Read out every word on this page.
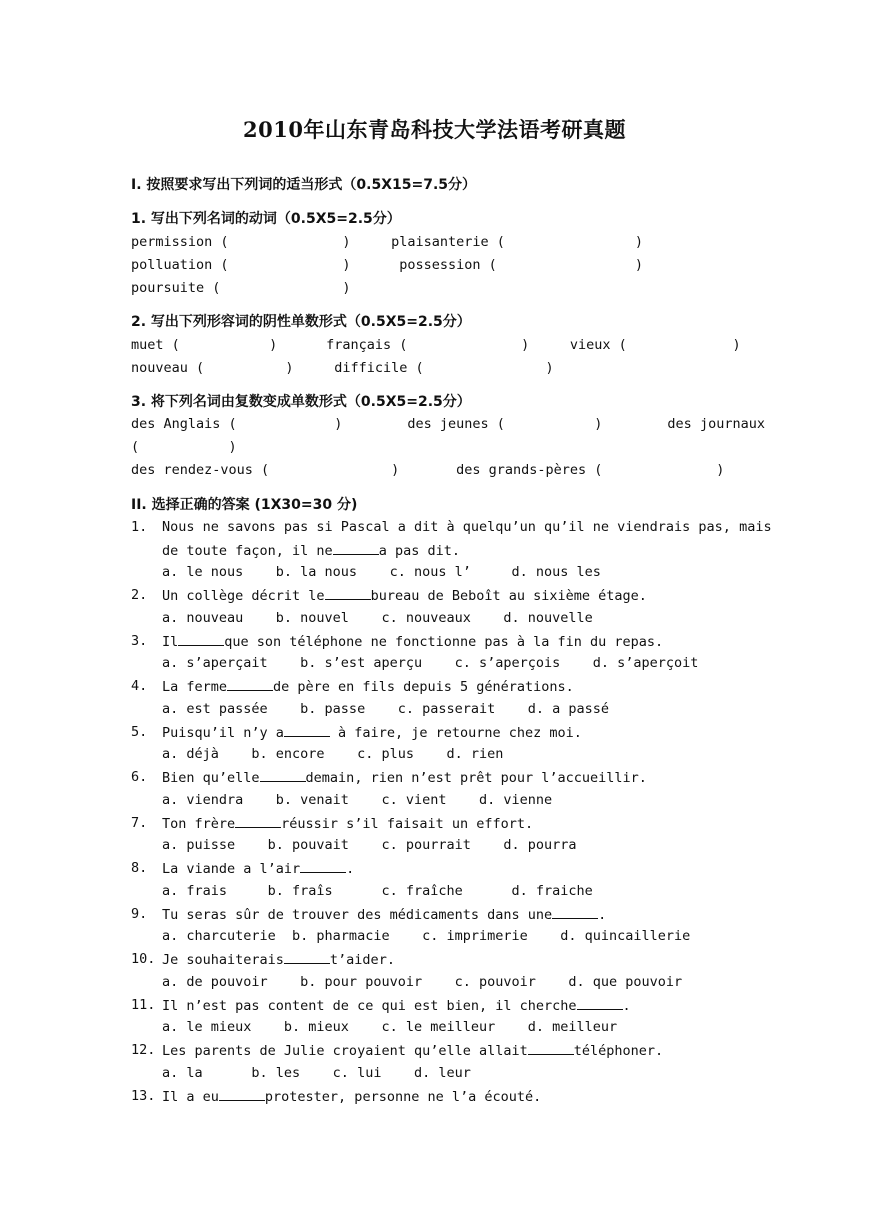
2010年山东青岛科技大学法语考研真题
I. 按照要求写出下列词的适当形式（0.5X15=7.5分）
1. 写出下列名词的动词（0.5X5=2.5分）
permission (              )     plaisanterie (                )
polluation (              )      possession (                 )
poursuite (               )
2. 写出下列形容词的阴性单数形式（0.5X5=2.5分）
muet (           )      français (              )     vieux (             )
nouveau (          )     difficile (               )
3. 将下列名词由复数变成单数形式（0.5X5=2.5分）
des Anglais (            )        des jeunes (           )        des journaux
(           )
des rendez-vous (               )       des grands-pères (              )
II. 选择正确的答案 (1X30=30 分)
1. Nous ne savons pas si Pascal a dit à quelqu’un qu’il ne viendrais pas, mais
de toute façon, il ne	a pas dit.
a. le nous    b. la nous    c. nous l’     d. nous les
2. Un collège décrit le	bureau de Beboît au sixième étage.
a. nouveau    b. nouvel    c. nouveaux    d. nouvelle
3. Il	que son téléphone ne fonctionne pas à la fin du repas.
a. s’aperçait    b. s’est aperçu    c. s’aperçois    d. s’aperçoit
4. La ferme	de père en fils depuis 5 générations.
a. est passée    b. passe    c. passerait    d. a passé
5. Puisqu’il n’y a	à faire, je retourne chez moi.
a. déjà    b. encore    c. plus    d. rien
6. Bien qu’elle	demain, rien n’est prêt pour l’accueillir.
a. viendra    b. venait    c. vient    d. vienne
7. Ton frère	réussir s’il faisait un effort.
a. puisse    b. pouvait    c. pourrait    d. pourra
8. La viande a l’air	.
a. frais     b. fraîs      c. fraîche      d. fraiche
9. Tu seras sûr de trouver des médicaments dans une	.
a. charcuterie  b. pharmacie    c. imprimerie    d. quincaillerie
10. Je souhaiterais	t’aider.
a. de pouvoir    b. pour pouvoir    c. pouvoir    d. que pouvoir
11. Il n’est pas content de ce qui est bien, il cherche	.
a. le mieux    b. mieux    c. le meilleur    d. meilleur
12. Les parents de Julie croyaient qu’elle allait	téléphoner.
a. la      b. les    c. lui    d. leur
13. Il a eu	protester, personne ne l’a écouté.
